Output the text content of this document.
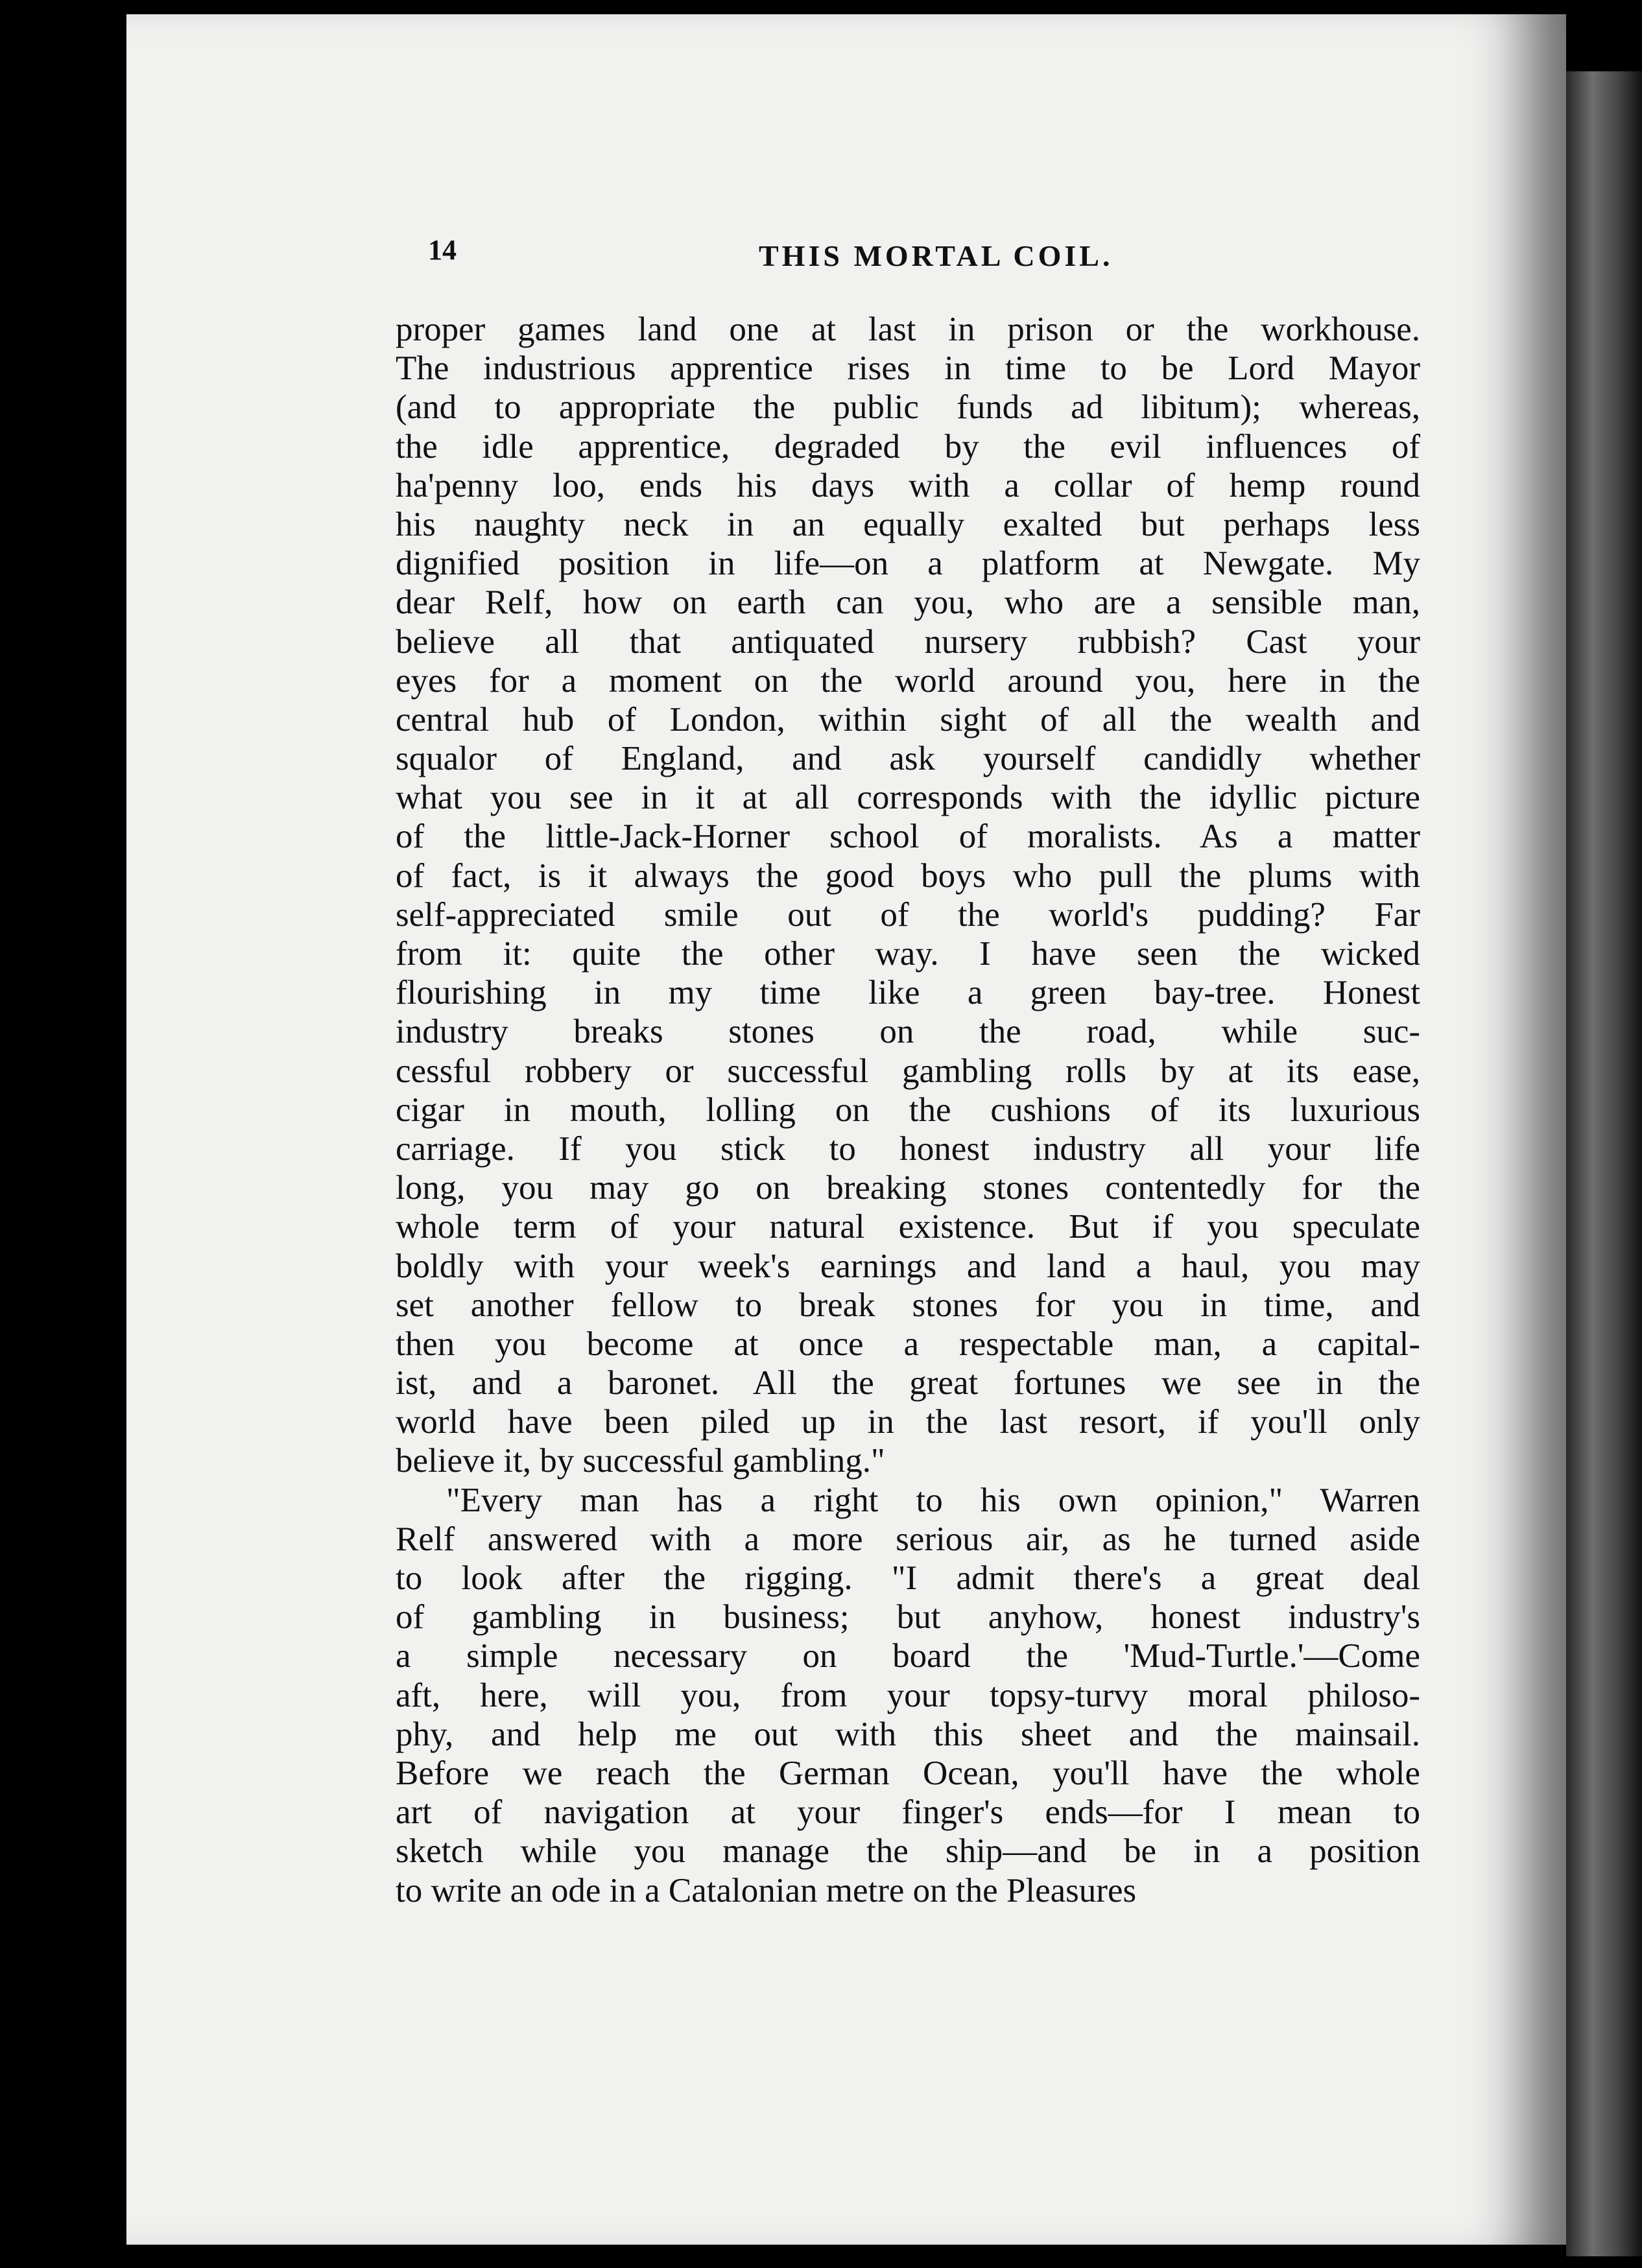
14	THIS MORTAL COIL.
proper games land one at last in prison or the workhouse.
The industrious apprentice rises in time to be Lord Mayor
(and to appropriate the public funds ad libitum); whereas,
the idle apprentice, degraded by the evil influences of
ha'penny loo, ends his days with a collar of hemp round
his naughty neck in an equally exalted but perhaps less
dignified position in life—on a platform at Newgate. My
dear Relf, how on earth can you, who are a sensible man,
believe all that antiquated nursery rubbish? Cast your
eyes for a moment on the world around you, here in the
central hub of London, within sight of all the wealth and
squalor of England, and ask yourself candidly whether
what you see in it at all corresponds with the idyllic picture
of the little-Jack-Horner school of moralists. As a matter
of fact, is it always the good boys who pull the plums with
self-appreciated smile out of the world's pudding? Far
from it: quite the other way. I have seen the wicked
flourishing in my time like a green bay-tree. Honest
industry breaks stones on the road, while suc-
cessful robbery or successful gambling rolls by at its ease,
cigar in mouth, lolling on the cushions of its luxurious
carriage. If you stick to honest industry all your life
long, you may go on breaking stones contentedly for the
whole term of your natural existence. But if you speculate
boldly with your week's earnings and land a haul, you may
set another fellow to break stones for you in time, and
then you become at once a respectable man, a capital-
ist, and a baronet. All the great fortunes we see in the
world have been piled up in the last resort, if you'll only
believe it, by successful gambling."
"Every man has a right to his own opinion," Warren
Relf answered with a more serious air, as he turned aside
to look after the rigging. "I admit there's a great deal
of gambling in business; but anyhow, honest industry's
a simple necessary on board the 'Mud-Turtle.'—Come
aft, here, will you, from your topsy-turvy moral philoso-
phy, and help me out with this sheet and the mainsail.
Before we reach the German Ocean, you'll have the whole
art of navigation at your finger's ends—for I mean to
sketch while you manage the ship—and be in a position
to write an ode in a Catalonian metre on the Pleasures
